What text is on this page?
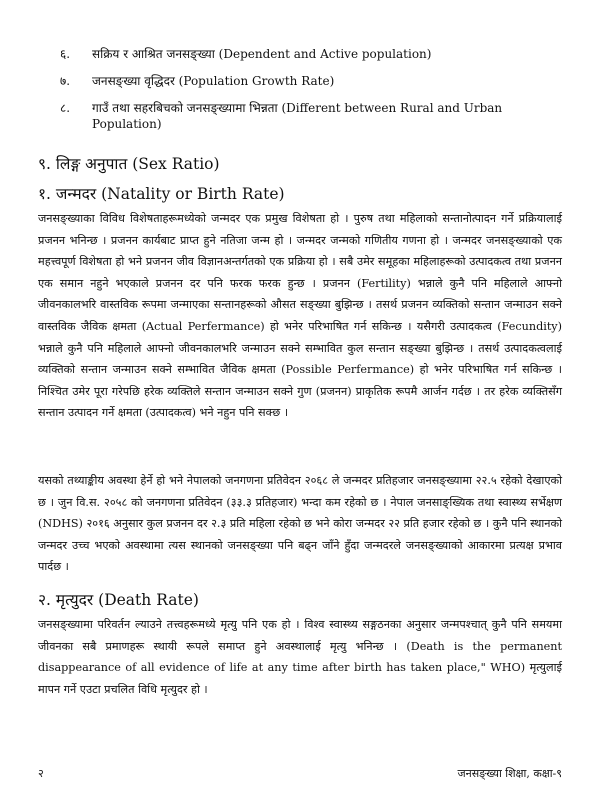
६.	सक्रिय र आश्रित जनसङ्ख्या (Dependent and Active population)
७.	जनसङ्ख्या वृद्धिदर (Population Growth Rate)
८.	गाउँ तथा सहरबिचको जनसङ्ख्यामा भिन्नता (Different between Rural and Urban Population)
९. लिङ्ग अनुपात (Sex Ratio)
१. जन्मदर (Natality or Birth Rate)

जनसङ्ख्याका विविध विशेषताहरूमध्येको जन्मदर एक प्रमुख विशेषता हो । पुरुष तथा महिलाको सन्तानोत्पादन गर्ने प्रक्रियालाई प्रजनन भनिन्छ । प्रजनन कार्यबाट प्राप्त हुने नतिजा जन्म हो । जन्मदर जन्मको गणितीय गणना हो । जन्मदर जनसङ्ख्याको एक महत्त्वपूर्ण विशेषता हो भने प्रजनन जीव विज्ञानअन्तर्गतको एक प्रक्रिया हो । सबै उमेर समूहका महिलाहरूको उत्पादकत्व तथा प्रजनन एक समान नहुने भएकाले प्रजनन दर पनि फरक फरक हुन्छ । प्रजनन (Fertility) भन्नाले कुनै पनि महिलाले आफ्नो जीवनकालभरि वास्तविक रूपमा जन्माएका सन्तानहरूको औसत सङ्ख्या बुझिन्छ । तसर्थ प्रजनन व्यक्तिको सन्तान जन्माउन सक्ने वास्तविक जैविक क्षमता (Actual Perfermance) हो भनेर परिभाषित गर्न सकिन्छ । यसैगरी उत्पादकत्व (Fecundity) भन्नाले कुनै पनि महिलाले आफ्नो जीवनकालभरि जन्माउन सक्ने सम्भावित कुल सन्तान सङ्ख्या बुझिन्छ । तसर्थ उत्पादकत्वलाई व्यक्तिको सन्तान जन्माउन सक्ने सम्भावित जैविक क्षमता (Possible Perfermance) हो भनेर परिभाषित गर्न सकिन्छ । निश्चित उमेर पूरा गरेपछि हरेक व्यक्तिले सन्तान जन्माउन सक्ने गुण (प्रजनन) प्राकृतिक रूपमै आर्जन गर्दछ । तर हरेक व्यक्तिसँग सन्तान उत्पादन गर्ने क्षमता (उत्पादकत्व) भने नहुन पनि सक्छ ।

यसको तथ्याङ्कीय अवस्था हेर्ने हो भने नेपालको जनगणना प्रतिवेदन २०६८ ले जन्मदर प्रतिहजार जनसङ्ख्यामा २२.५ रहेको देखाएको छ । जुन वि.स. २०५८ को जनगणना प्रतिवेदन (३३.३ प्रतिहजार) भन्दा कम रहेको छ । नेपाल जनसाङ्ख्यिक तथा स्वास्थ्य सर्भेक्षण (NDHS) २०१६ अनुसार कुल प्रजनन दर २.३ प्रति महिला रहेको छ भने कोरा जन्मदर २२ प्रति हजार रहेको छ । कुनै पनि स्थानको जन्मदर उच्च भएको अवस्थामा त्यस स्थानको जनसङ्ख्या पनि बढ्न जाँने हुँदा जन्मदरले जनसङ्ख्याको आकारमा प्रत्यक्ष प्रभाव पार्दछ ।

२. मृत्युदर (Death Rate)

जनसङ्ख्यामा परिवर्तन ल्याउने तत्त्वहरूमध्ये मृत्यु पनि एक हो । विश्व स्वास्थ्य सङ्गठनका अनुसार जन्मपश्चात् कुनै पनि समयमा जीवनका सबै प्रमाणहरू स्थायी रूपले समाप्त हुने अवस्थालाई मृत्यु भनिन्छ । (Death is the permanent disappearance of all evidence of life at any time after birth has taken place," WHO) मृत्युलाई मापन गर्ने एउटा प्रचलित विधि मृत्युदर हो ।

२	जनसङ्ख्या शिक्षा, कक्षा-९
